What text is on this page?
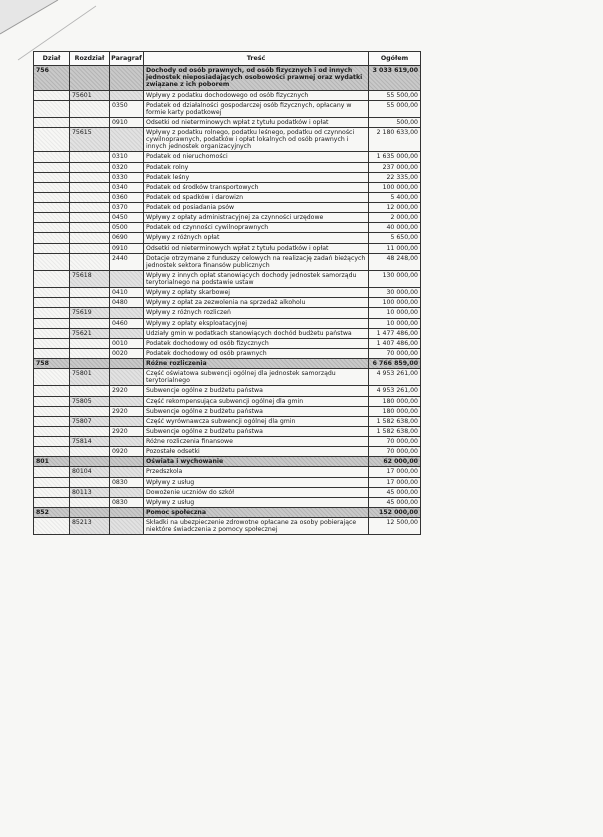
Dział	Rozdział	Paragraf	Treść	Ogółem
756			Dochody od osób prawnych, od osób fizycznych i od innych jednostek nieposiadających osobowości prawnej oraz wydatki związane z ich poborem	3 033 619,00
	75601		Wpływy z podatku dochodowego od osób fizycznych	55 500,00
		0350	Podatek od działalności gospodarczej osób fizycznych, opłacany w formie karty podatkowej	55 000,00
		0910	Odsetki od nieterminowych wpłat z tytułu podatków i opłat	500,00
	75615		Wpływy z podatku rolnego, podatku leśnego, podatku od czynności cywilnoprawnych, podatków i opłat lokalnych od osób prawnych i innych jednostek organizacyjnych	2 180 633,00
		0310	Podatek od nieruchomości	1 635 000,00
		0320	Podatek rolny	237 000,00
		0330	Podatek leśny	22 335,00
		0340	Podatek od środków transportowych	100 000,00
		0360	Podatek od spadków i darowizn	5 400,00
		0370	Podatek od posiadania psów	12 000,00
		0450	Wpływy z opłaty administracyjnej za czynności urzędowe	2 000,00
		0500	Podatek od czynności cywilnoprawnych	40 000,00
		0690	Wpływy z różnych opłat	5 650,00
		0910	Odsetki od nieterminowych wpłat z tytułu podatków i opłat	11 000,00
		2440	Dotacje otrzymane z funduszy celowych na realizację zadań bieżących jednostek sektora finansów publicznych	48 248,00
	75618		Wpływy z innych opłat stanowiących dochody jednostek samorządu terytorialnego na podstawie ustaw	130 000,00
		0410	Wpływy z opłaty skarbowej	30 000,00
		0480	Wpływy z opłat za zezwolenia na sprzedaż alkoholu	100 000,00
	75619		Wpływy z różnych rozliczeń	10 000,00
		0460	Wpływy z opłaty eksploatacyjnej	10 000,00
	75621		Udziały gmin w podatkach stanowiących dochód budżetu państwa	1 477 486,00
		0010	Podatek dochodowy od osób fizycznych	1 407 486,00
		0020	Podatek dochodowy od osób prawnych	70 000,00
758			Różne rozliczenia	6 766 859,00
	75801		Część oświatowa subwencji ogólnej dla jednostek samorządu terytorialnego	4 953 261,00
		2920	Subwencje ogólne z budżetu państwa	4 953 261,00
	75805		Część rekompensująca subwencji ogólnej dla gmin	180 000,00
		2920	Subwencje ogólne z budżetu państwa	180 000,00
	75807		Część wyrównawcza subwencji ogólnej dla gmin	1 582 638,00
		2920	Subwencje ogólne z budżetu państwa	1 582 638,00
	75814		Różne rozliczenia finansowe	70 000,00
		0920	Pozostałe odsetki	70 000,00
801			Oświata i wychowanie	62 000,00
	80104		Przedszkola	17 000,00
		0830	Wpływy z usług	17 000,00
	80113		Dowożenie uczniów do szkół	45 000,00
		0830	Wpływy z usług	45 000,00
852			Pomoc społeczna	152 000,00
	85213		Składki na ubezpieczenie zdrowotne opłacane za osoby pobierające niektóre świadczenia z pomocy społecznej	12 500,00
